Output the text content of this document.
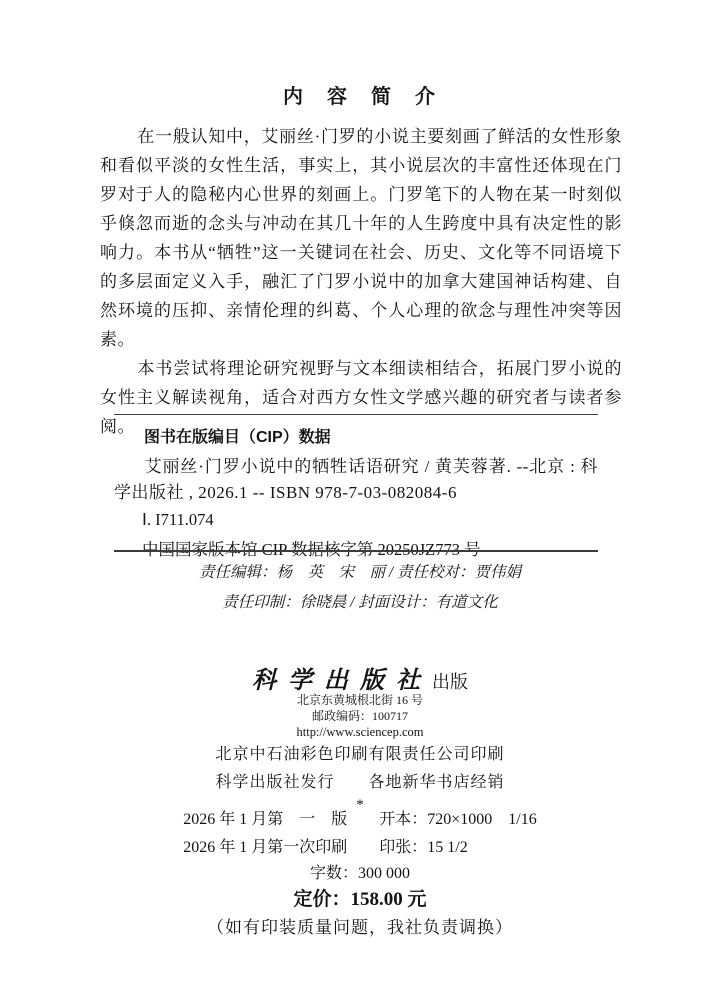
内　容　简　介

在一般认知中，艾丽丝·门罗的小说主要刻画了鲜活的女性形象和看似平淡的女性生活，事实上，其小说层次的丰富性还体现在门罗对于人的隐秘内心世界的刻画上。门罗笔下的人物在某一时刻似乎倏忽而逝的念头与冲动在其几十年的人生跨度中具有决定性的影响力。本书从“牺牲”这一关键词在社会、历史、文化等不同语境下的多层面定义入手，融汇了门罗小说中的加拿大建国神话构建、自然环境的压抑、亲情伦理的纠葛、个人心理的欲念与理性冲突等因素。

本书尝试将理论研究视野与文本细读相结合，拓展门罗小说的女性主义解读视角，适合对西方女性文学感兴趣的研究者与读者参阅。

图书在版编目（CIP）数据

艾丽丝·门罗小说中的牺牲话语研究 / 黄芙蓉著. --北京 : 科学出版社 , 2026.1 -- ISBN 978-7-03-082084-6

Ⅰ. I711.074
责任编辑：杨　英　宋　丽 / 责任校对：贾伟娟
责任印制：徐晓晨 / 封面设计：有道文化
科学出版社 出版
北京东黄城根北街 16 号
邮政编码：100717
http://www.sciencep.com
北京中石油彩色印刷有限责任公司印刷
科学出版社发行　　各地新华书店经销
*
2026 年 1 月第　一　版　　开本：720×1000　1/16
2026 年 1 月第一次印刷　　印张：15 1/2
字数：300 000
定价：158.00 元
（如有印装质量问题，我社负责调换）
